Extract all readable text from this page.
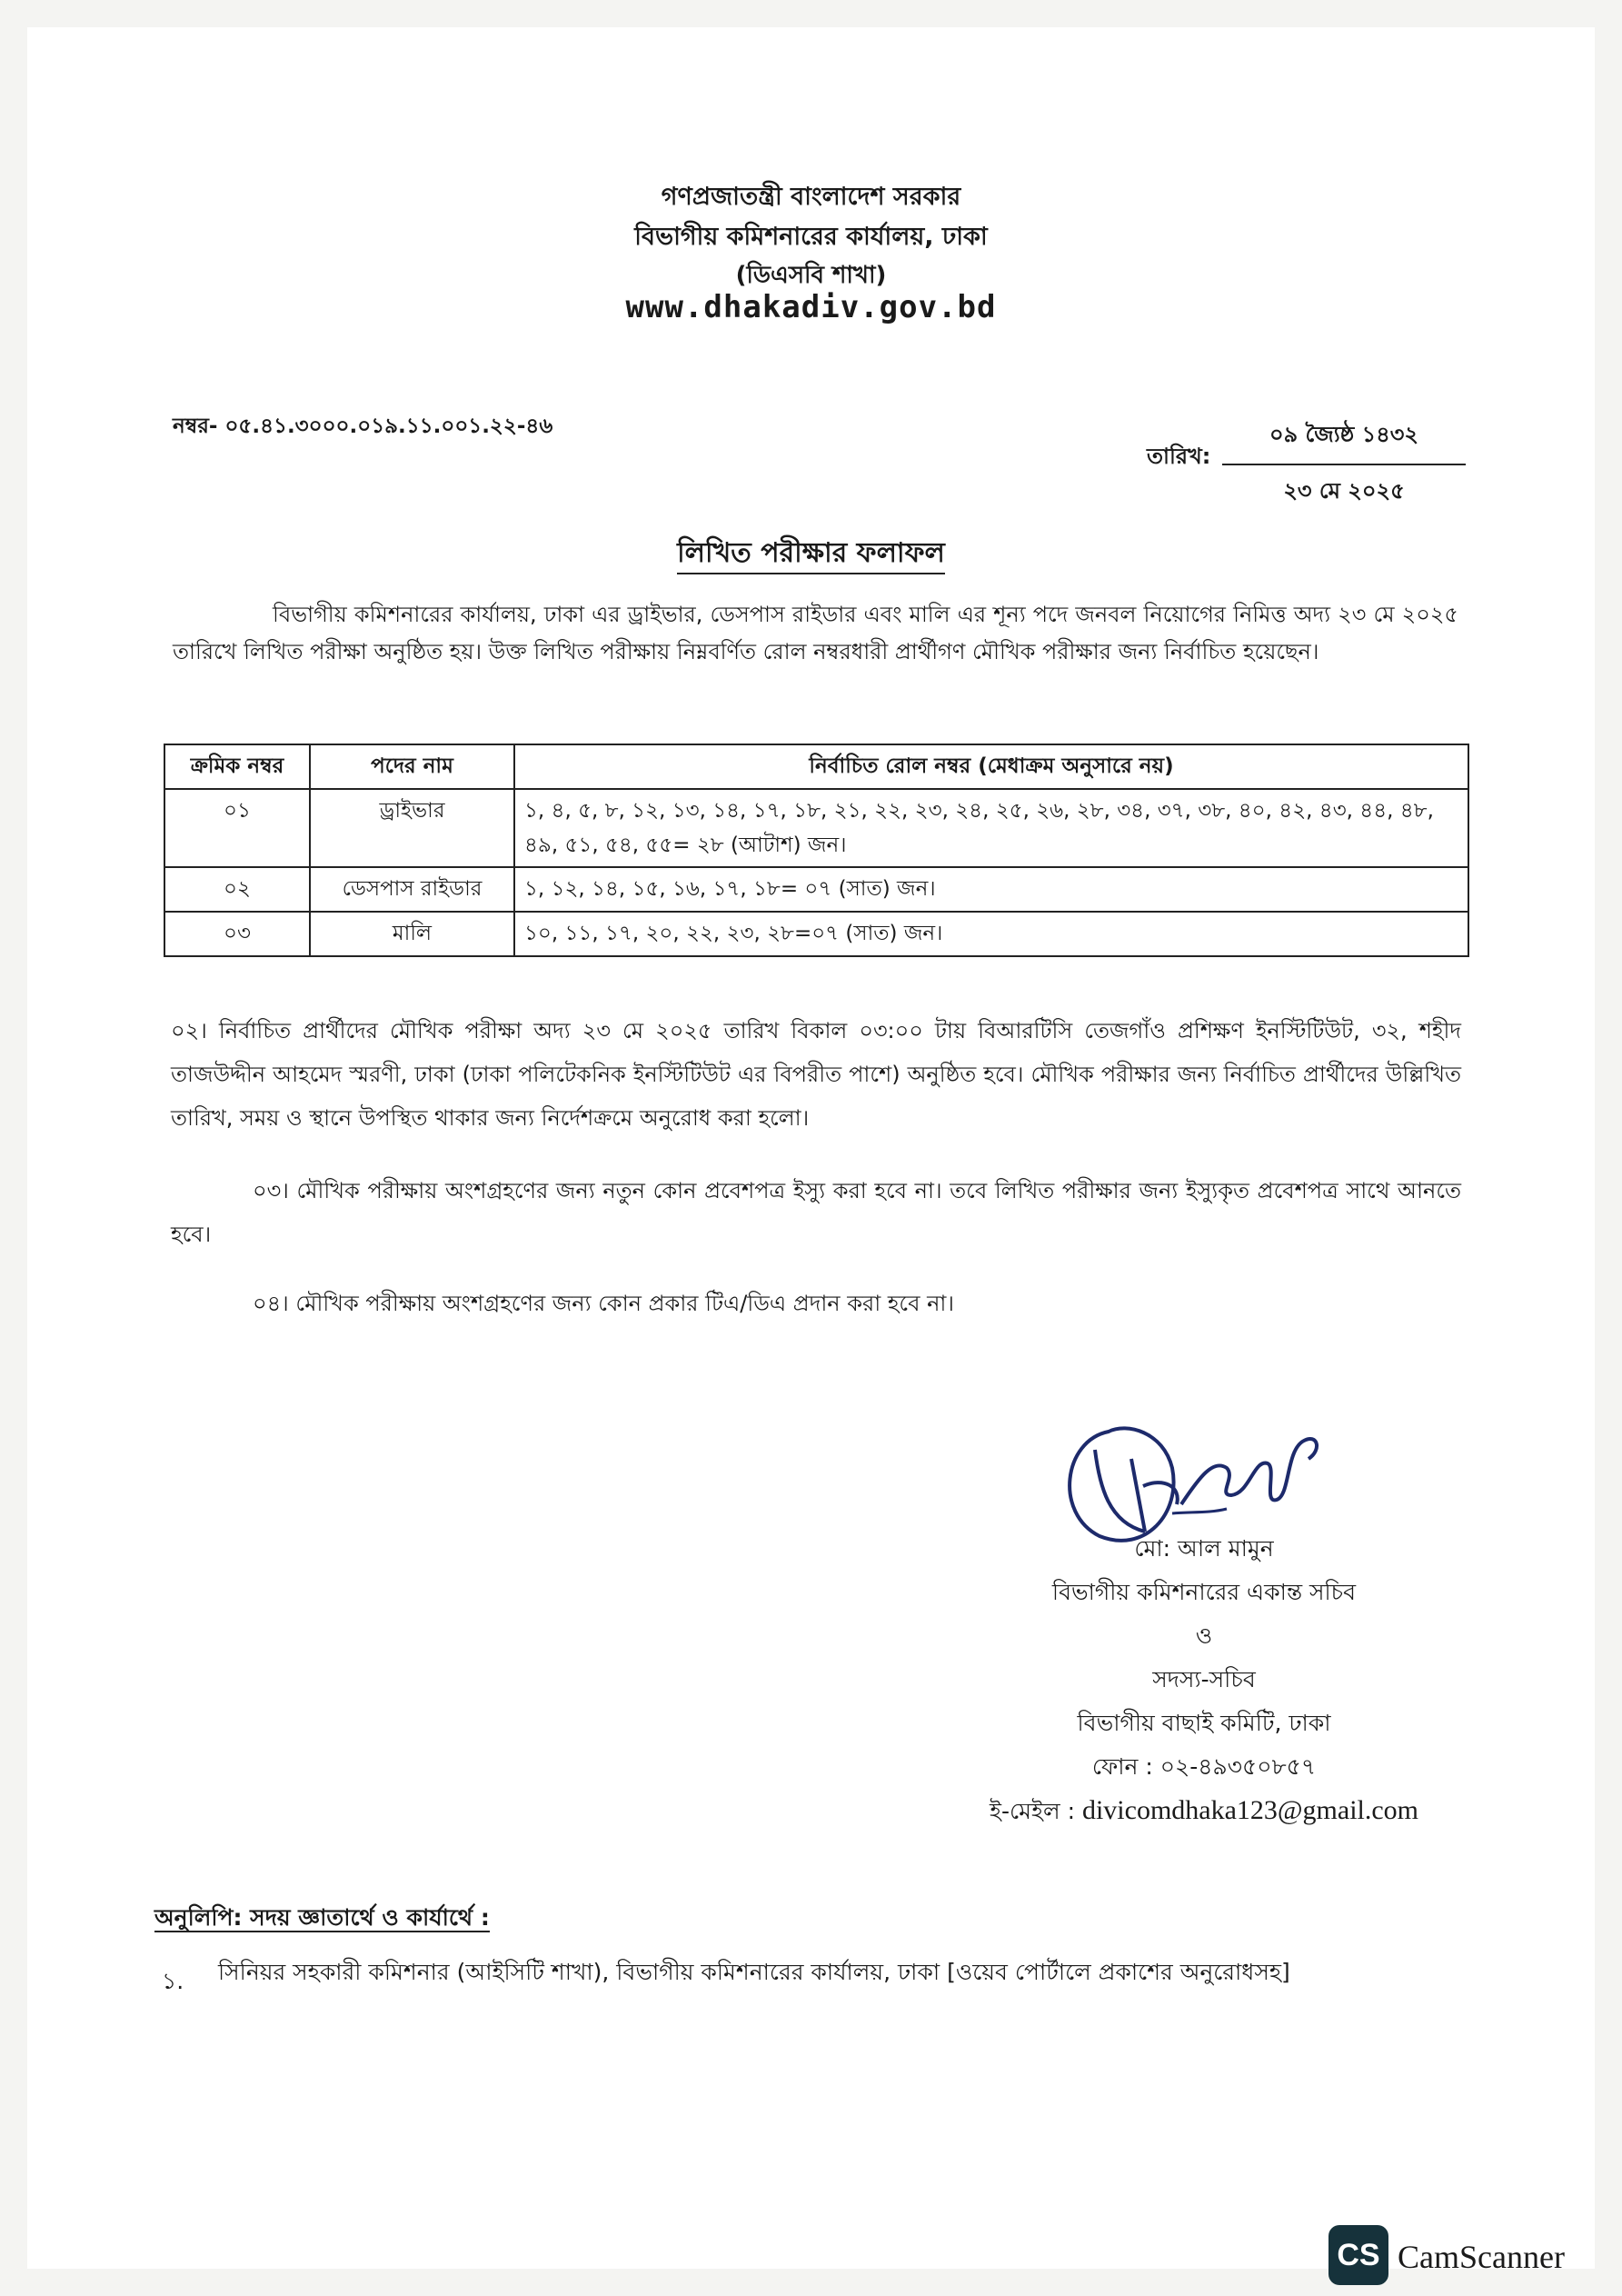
গণপ্রজাতন্ত্রী বাংলাদেশ সরকার
বিভাগীয় কমিশনারের কার্যালয়, ঢাকা
(ডিএসবি শাখা)
www.dhakadiv.gov.bd
নম্বর- ০৫.৪১.৩০০০.০১৯.১১.০০১.২২-৪৬
তারিখ:
০৯ জ্যৈষ্ঠ ১৪৩২
২৩ মে ২০২৫
লিখিত পরীক্ষার ফলাফল
বিভাগীয় কমিশনারের কার্যালয়, ঢাকা এর ড্রাইভার, ডেসপাস রাইডার এবং মালি এর শূন্য পদে জনবল নিয়োগের নিমিত্ত অদ্য ২৩ মে ২০২৫ তারিখে লিখিত পরীক্ষা অনুষ্ঠিত হয়। উক্ত লিখিত পরীক্ষায় নিম্নবর্ণিত রোল নম্বরধারী প্রার্থীগণ মৌখিক পরীক্ষার জন্য নির্বাচিত হয়েছেন।
ক্রমিক নম্বর	পদের নাম	নির্বাচিত রোল নম্বর (মেধাক্রম অনুসারে নয়)
০১	ড্রাইভার	১, ৪, ৫, ৮, ১২, ১৩, ১৪, ১৭, ১৮, ২১, ২২, ২৩, ২৪, ২৫, ২৬, ২৮, ৩৪, ৩৭, ৩৮, ৪০, ৪২, ৪৩, ৪৪, ৪৮, ৪৯, ৫১, ৫৪, ৫৫= ২৮ (আটাশ) জন।
০২	ডেসপাস রাইডার	১, ১২, ১৪, ১৫, ১৬, ১৭, ১৮= ০৭ (সাত) জন।
০৩	মালি	১০, ১১, ১৭, ২০, ২২, ২৩, ২৮=০৭ (সাত) জন।
০২। নির্বাচিত প্রার্থীদের মৌখিক পরীক্ষা অদ্য ২৩ মে ২০২৫ তারিখ বিকাল ০৩:০০ টায় বিআরটিসি তেজগাঁও প্রশিক্ষণ ইনস্টিটিউট, ৩২, শহীদ তাজউদ্দীন আহমেদ স্মরণী, ঢাকা (ঢাকা পলিটেকনিক ইনস্টিটিউট এর বিপরীত পাশে) অনুষ্ঠিত হবে। মৌখিক পরীক্ষার জন্য নির্বাচিত প্রার্থীদের উল্লিখিত তারিখ, সময় ও স্থানে উপস্থিত থাকার জন্য নির্দেশক্রমে অনুরোধ করা হলো।
০৩। মৌখিক পরীক্ষায় অংশগ্রহণের জন্য নতুন কোন প্রবেশপত্র ইস্যু করা হবে না। তবে লিখিত পরীক্ষার জন্য ইস্যুকৃত প্রবেশপত্র সাথে আনতে হবে।
০৪। মৌখিক পরীক্ষায় অংশগ্রহণের জন্য কোন প্রকার টিএ/ডিএ প্রদান করা হবে না।
মো: আল মামুন
বিভাগীয় কমিশনারের একান্ত সচিব
ও
সদস্য-সচিব
বিভাগীয় বাছাই কমিটি, ঢাকা
ফোন : ০২-৪৯৩৫০৮৫৭
ই-মেইল : divicomdhaka123@gmail.com
অনুলিপি: সদয় জ্ঞাতার্থে ও কার্যার্থে :
১. সিনিয়র সহকারী কমিশনার (আইসিটি শাখা), বিভাগীয় কমিশনারের কার্যালয়, ঢাকা [ওয়েব পোর্টালে প্রকাশের অনুরোধসহ]
CS CamScanner
